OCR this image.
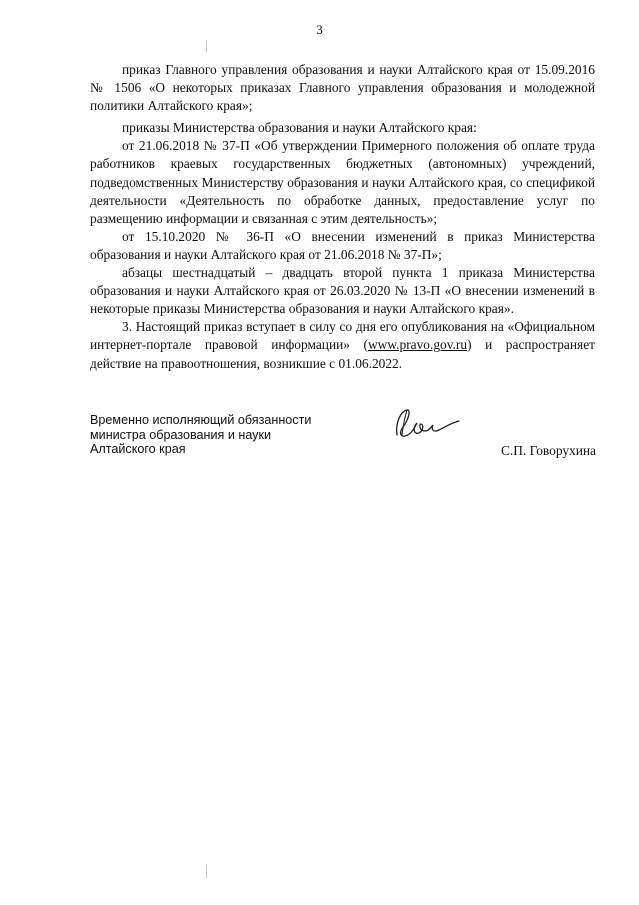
3

приказ Главного управления образования и науки Алтайского края от 15.09.2016 № 1506 «О некоторых приказах Главного управления образования и молодежной политики Алтайского края»;

приказы Министерства образования и науки Алтайского края:

от 21.06.2018 № 37-П «Об утверждении Примерного положения об оплате труда работников краевых государственных бюджетных (автономных) учреждений, подведомственных Министерству образования и науки Алтайского края, со спецификой деятельности «Деятельность по обработке данных, предоставление услуг по размещению информации и связанная с этим деятельность»;

от 15.10.2020 № 36-П «О внесении изменений в приказ Министерства образования и науки Алтайского края от 21.06.2018 № 37-П»;

абзацы шестнадцатый – двадцать второй пункта 1 приказа Министерства образования и науки Алтайского края от 26.03.2020 № 13-П «О внесении изменений в некоторые приказы Министерства образования и науки Алтайского края».

3. Настоящий приказ вступает в силу со дня его опубликования на «Официальном интернет-портале правовой информации» (www.pravo.gov.ru) и распространяет действие на правоотношения, возникшие с 01.06.2022.

Временно исполняющий обязанности
министра образования и науки
Алтайского края	С.П. Говорухина
